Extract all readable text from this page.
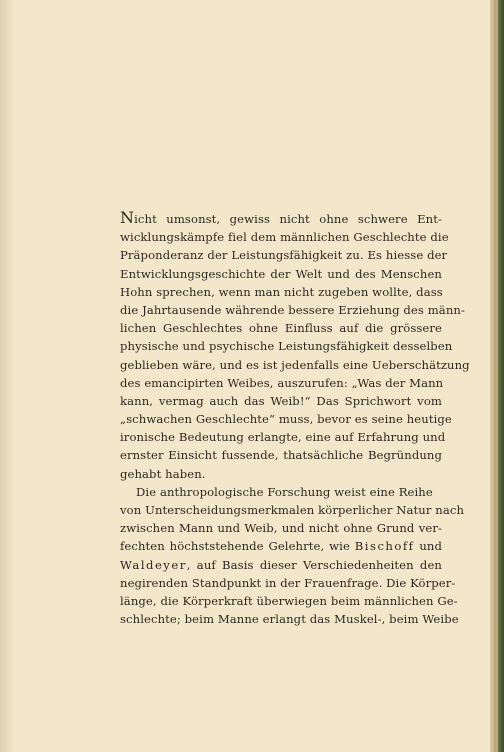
Nicht umsonst, gewiss nicht ohne schwere Ent-
wicklungskämpfe fiel dem männlichen Geschlechte die
Präponderanz der Leistungsfähigkeit zu. Es hiesse der
Entwicklungsgeschichte der Welt und des Menschen
Hohn sprechen, wenn man nicht zugeben wollte, dass
die Jahrtausende währende bessere Erziehung des männ-
lichen Geschlechtes ohne Einfluss auf die grössere
physische und psychische Leistungsfähigkeit desselben
geblieben wäre, und es ist jedenfalls eine Ueberschätzung
des emancipirten Weibes, auszurufen: „Was der Mann
kann, vermag auch das Weib!“ Das Sprichwort vom
„schwachen Geschlechte“ muss, bevor es seine heutige
ironische Bedeutung erlangte, eine auf Erfahrung und
ernster Einsicht fussende, thatsächliche Begründung
gehabt haben.
Die anthropologische Forschung weist eine Reihe
von Unterscheidungsmerkmalen körperlicher Natur nach
zwischen Mann und Weib, und nicht ohne Grund ver-
fechten höchststehende Gelehrte, wie Bischoff und
Waldeyer, auf Basis dieser Verschiedenheiten den
negirenden Standpunkt in der Frauenfrage. Die Körper-
länge, die Körperkraft überwiegen beim männlichen Ge-
schlechte; beim Manne erlangt das Muskel-, beim Weibe
